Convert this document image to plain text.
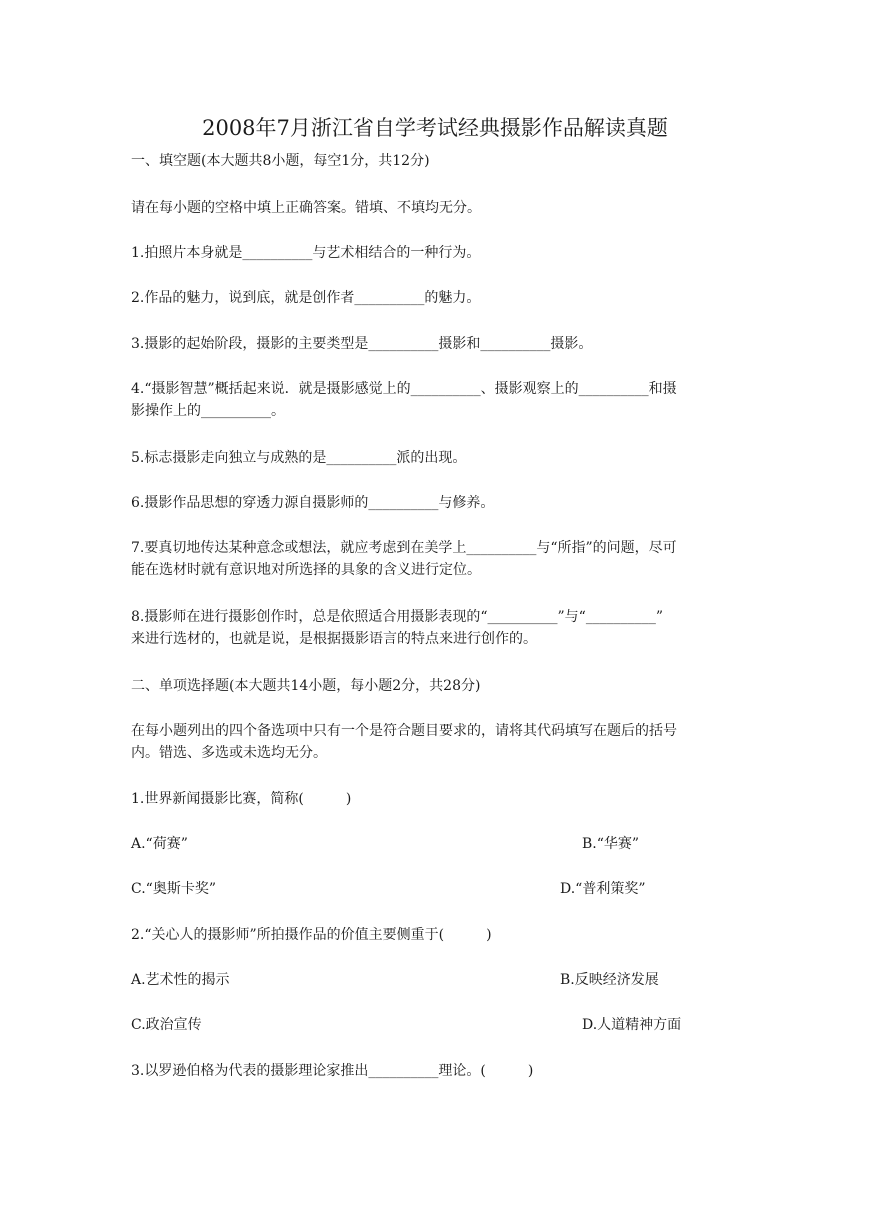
2008年7月浙江省自学考试经典摄影作品解读真题
一、填空题(本大题共8小题，每空1分，共12分)
请在每小题的空格中填上正确答案。错填、不填均无分。
1.拍照片本身就是__________与艺术相结合的一种行为。
2.作品的魅力，说到底，就是创作者__________的魅力。
3.摄影的起始阶段，摄影的主要类型是__________摄影和__________摄影。
4.“摄影智慧”概括起来说．就是摄影感觉上的__________、摄影观察上的__________和摄
影操作上的__________。
5.标志摄影走向独立与成熟的是__________派的出现。
6.摄影作品思想的穿透力源自摄影师的__________与修养。
7.要真切地传达某种意念或想法，就应考虑到在美学上__________与“所指”的问题，尽可
能在选材时就有意识地对所选择的具象的含义进行定位。
8.摄影师在进行摄影创作时，总是依照适合用摄影表现的“__________”与“__________”
来进行选材的，也就是说，是根据摄影语言的特点来进行创作的。
二、单项选择题(本大题共14小题，每小题2分，共28分)
在每小题列出的四个备选项中只有一个是符合题目要求的，请将其代码填写在题后的括号
内。错选、多选或未选均无分。
1.世界新闻摄影比赛，简称(　　　)
A.“荷赛”	B.“华赛”
C.“奥斯卡奖”	D.“普利策奖”
2.“关心人的摄影师”所拍摄作品的价值主要侧重于(　　　)
A.艺术性的揭示	B.反映经济发展
C.政治宣传	D.人道精神方面
3.以罗逊伯格为代表的摄影理论家推出__________理论。(　　　)
